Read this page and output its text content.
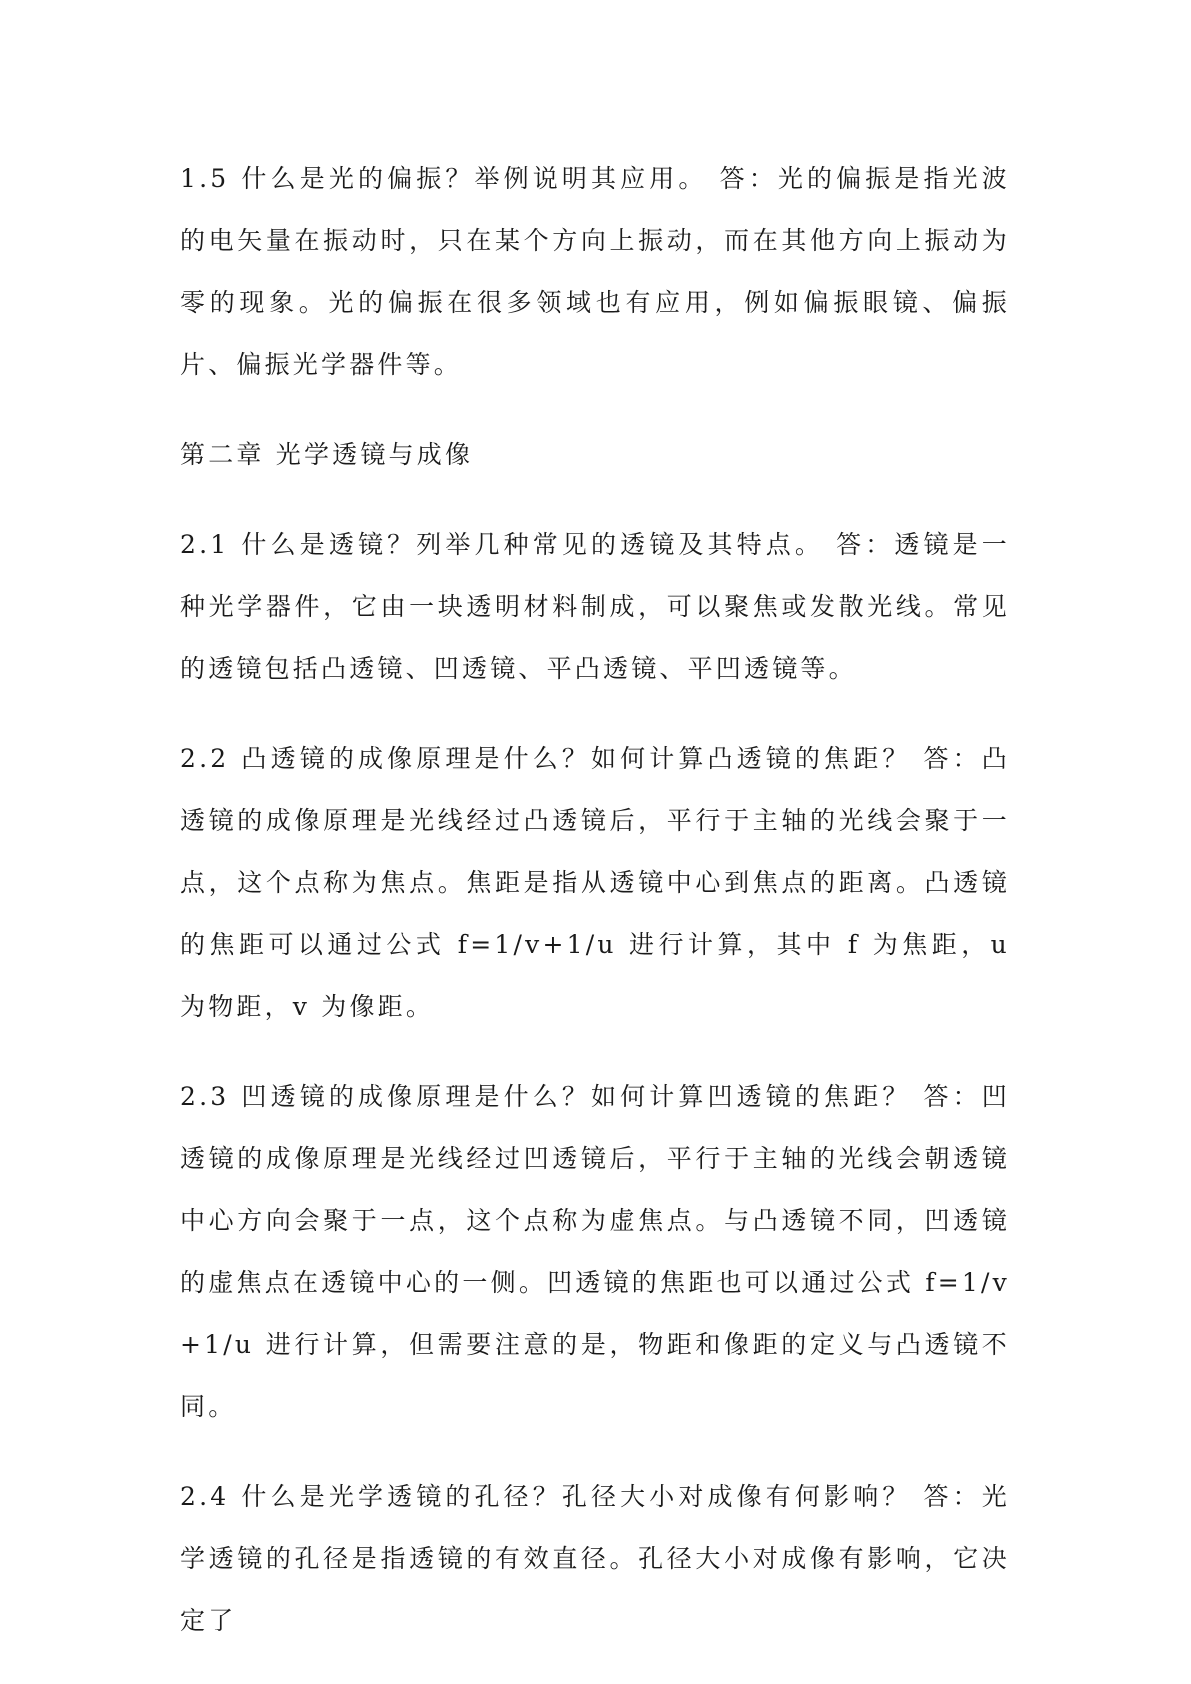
1.5 什么是光的偏振？举例说明其应用。 答：光的偏振是指光波的电矢量在振动时，只在某个方向上振动，而在其他方向上振动为零的现象。光的偏振在很多领域也有应用，例如偏振眼镜、偏振片、偏振光学器件等。

第二章 光学透镜与成像

2.1 什么是透镜？列举几种常见的透镜及其特点。 答：透镜是一种光学器件，它由一块透明材料制成，可以聚焦或发散光线。常见的透镜包括凸透镜、凹透镜、平凸透镜、平凹透镜等。

2.2 凸透镜的成像原理是什么？如何计算凸透镜的焦距？ 答：凸透镜的成像原理是光线经过凸透镜后，平行于主轴的光线会聚于一点，这个点称为焦点。焦距是指从透镜中心到焦点的距离。凸透镜的焦距可以通过公式 f=1/v+1/u 进行计算，其中 f 为焦距，u 为物距，v 为像距。

2.3 凹透镜的成像原理是什么？如何计算凹透镜的焦距？ 答：凹透镜的成像原理是光线经过凹透镜后，平行于主轴的光线会朝透镜中心方向会聚于一点，这个点称为虚焦点。与凸透镜不同，凹透镜的虚焦点在透镜中心的一侧。凹透镜的焦距也可以通过公式 f=1/v+1/u 进行计算，但需要注意的是，物距和像距的定义与凸透镜不同。

2.4 什么是光学透镜的孔径？孔径大小对成像有何影响？ 答：光学透镜的孔径是指透镜的有效直径。孔径大小对成像有影响，它决定了
